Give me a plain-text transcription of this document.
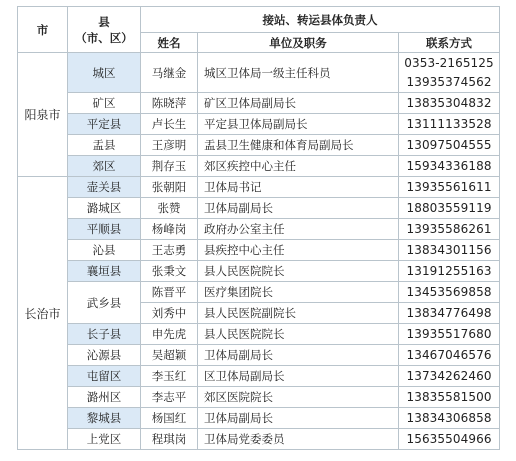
市	县
（市、区）	接站、转运县体负责人		
		姓名	单位及职务	联系方式
阳泉市	城区	马继金	城区卫体局一级主任科员	0353-2165125
13935374562

	矿区	陈晓萍	矿区卫体局副局长	13835304832
	平定县	卢长生	平定县卫体局副局长	13111133528
	盂县	王彦明	盂县卫生健康和体育局副局长	13097504555
	郊区	荆存玉	郊区疾控中心主任	15934336188
长治市	壶关县	张朝阳	卫体局书记	13935561611
	潞城区	张赞	卫体局副局长	18803559119
	平顺县	杨峰岗	政府办公室主任	13935586261
	沁县	王志勇	县疾控中心主任	13834301156
	襄垣县	张秉文	县人民医院院长	13191255163
	武乡县	陈晋平	医疗集团院长	13453569858
		刘秀中	县人民医院副院长	13834776498
	长子县	申先虎	县人民医院院长	13935517680
	沁源县	吴超颖	卫体局副局长	13467046576
	屯留区	李玉红	区卫体局副局长	13734262460
	潞州区	李志平	郊区医院院长	13835581500
	黎城县	杨国红	卫体局副局长	13834306858
	上党区	程琪岗	卫体局党委委员	15635504966
